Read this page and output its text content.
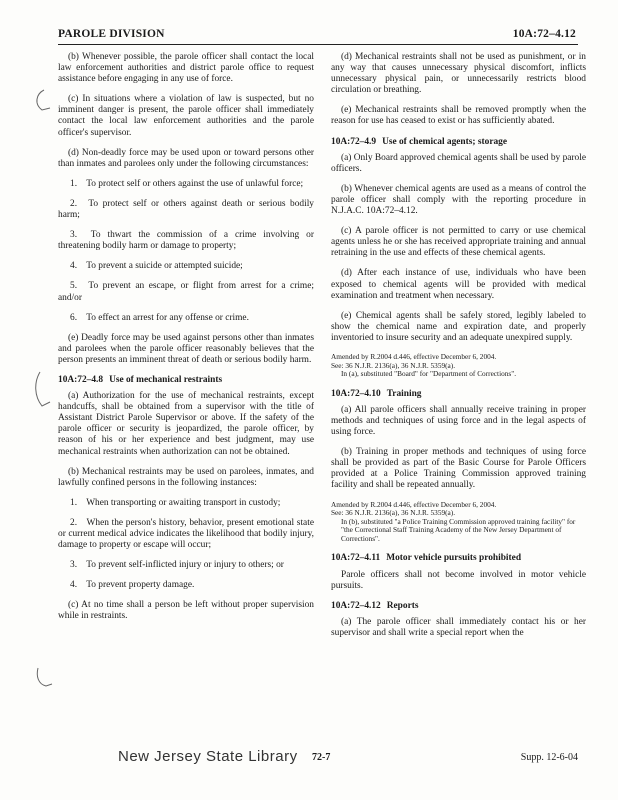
PAROLE DIVISION	10A:72–4.12

(b) Whenever possible, the parole officer shall contact the local law enforcement authorities and district parole office to request assistance before engaging in any use of force.

(c) In situations where a violation of law is suspected, but no imminent danger is present, the parole officer shall immediately contact the local law enforcement authorities and the parole officer's supervisor.

(d) Non-deadly force may be used upon or toward persons other than inmates and parolees only under the following circumstances:

1. To protect self or others against the use of unlawful force;

2. To protect self or others against death or serious bodily harm;

3. To thwart the commission of a crime involving or threatening bodily harm or damage to property;

4. To prevent a suicide or attempted suicide;

5. To prevent an escape, or flight from arrest for a crime; and/or

6. To effect an arrest for any offense or crime.

(e) Deadly force may be used against persons other than inmates and parolees when the parole officer reasonably believes that the person presents an imminent threat of death or serious bodily harm.

10A:72–4.8 Use of mechanical restraints

(a) Authorization for the use of mechanical restraints, except handcuffs, shall be obtained from a supervisor with the title of Assistant District Parole Supervisor or above. If the safety of the parole officer or security is jeopardized, the parole officer, by reason of his or her experience and best judgment, may use mechanical restraints when authorization can not be obtained.

(b) Mechanical restraints may be used on parolees, inmates, and lawfully confined persons in the following instances:

1. When transporting or awaiting transport in custody;

2. When the person's history, behavior, present emotional state or current medical advice indicates the likelihood that bodily injury, damage to property or escape will occur;

3. To prevent self-inflicted injury or injury to others; or

4. To prevent property damage.

(c) At no time shall a person be left without proper supervision while in restraints.

(d) Mechanical restraints shall not be used as punishment, or in any way that causes unnecessary physical discomfort, inflicts unnecessary physical pain, or unnecessarily restricts blood circulation or breathing.

(e) Mechanical restraints shall be removed promptly when the reason for use has ceased to exist or has sufficiently abated.

10A:72–4.9 Use of chemical agents; storage

(a) Only Board approved chemical agents shall be used by parole officers.

(b) Whenever chemical agents are used as a means of control the parole officer shall comply with the reporting procedure in N.J.A.C. 10A:72–4.12.

(c) A parole officer is not permitted to carry or use chemical agents unless he or she has received appropriate training and annual retraining in the use and effects of these chemical agents.

(d) After each instance of use, individuals who have been exposed to chemical agents will be provided with medical examination and treatment when necessary.

(e) Chemical agents shall be safely stored, legibly labeled to show the chemical name and expiration date, and properly inventoried to insure security and an adequate unexpired supply.

Amended by R.2004 d.446, effective December 6, 2004.
See: 36 N.J.R. 2136(a), 36 N.J.R. 5359(a).
In (a), substituted "Board" for "Department of Corrections".
10A:72–4.10 Training

(a) All parole officers shall annually receive training in proper methods and techniques of using force and in the legal aspects of using force.

(b) Training in proper methods and techniques of using force shall be provided as part of the Basic Course for Parole Officers provided at a Police Training Commission approved training facility and shall be repeated annually.

Amended by R.2004 d.446, effective December 6, 2004.
See: 36 N.J.R. 2136(a), 36 N.J.R. 5359(a).
In (b), substituted "a Police Training Commission approved training facility" for "the Correctional Staff Training Academy of the New Jersey Department of Corrections".
10A:72–4.11 Motor vehicle pursuits prohibited

Parole officers shall not become involved in motor vehicle pursuits.

10A:72–4.12 Reports

(a) The parole officer shall immediately contact his or her supervisor and shall write a special report when the

New Jersey State Library 72-7	Supp. 12-6-04
